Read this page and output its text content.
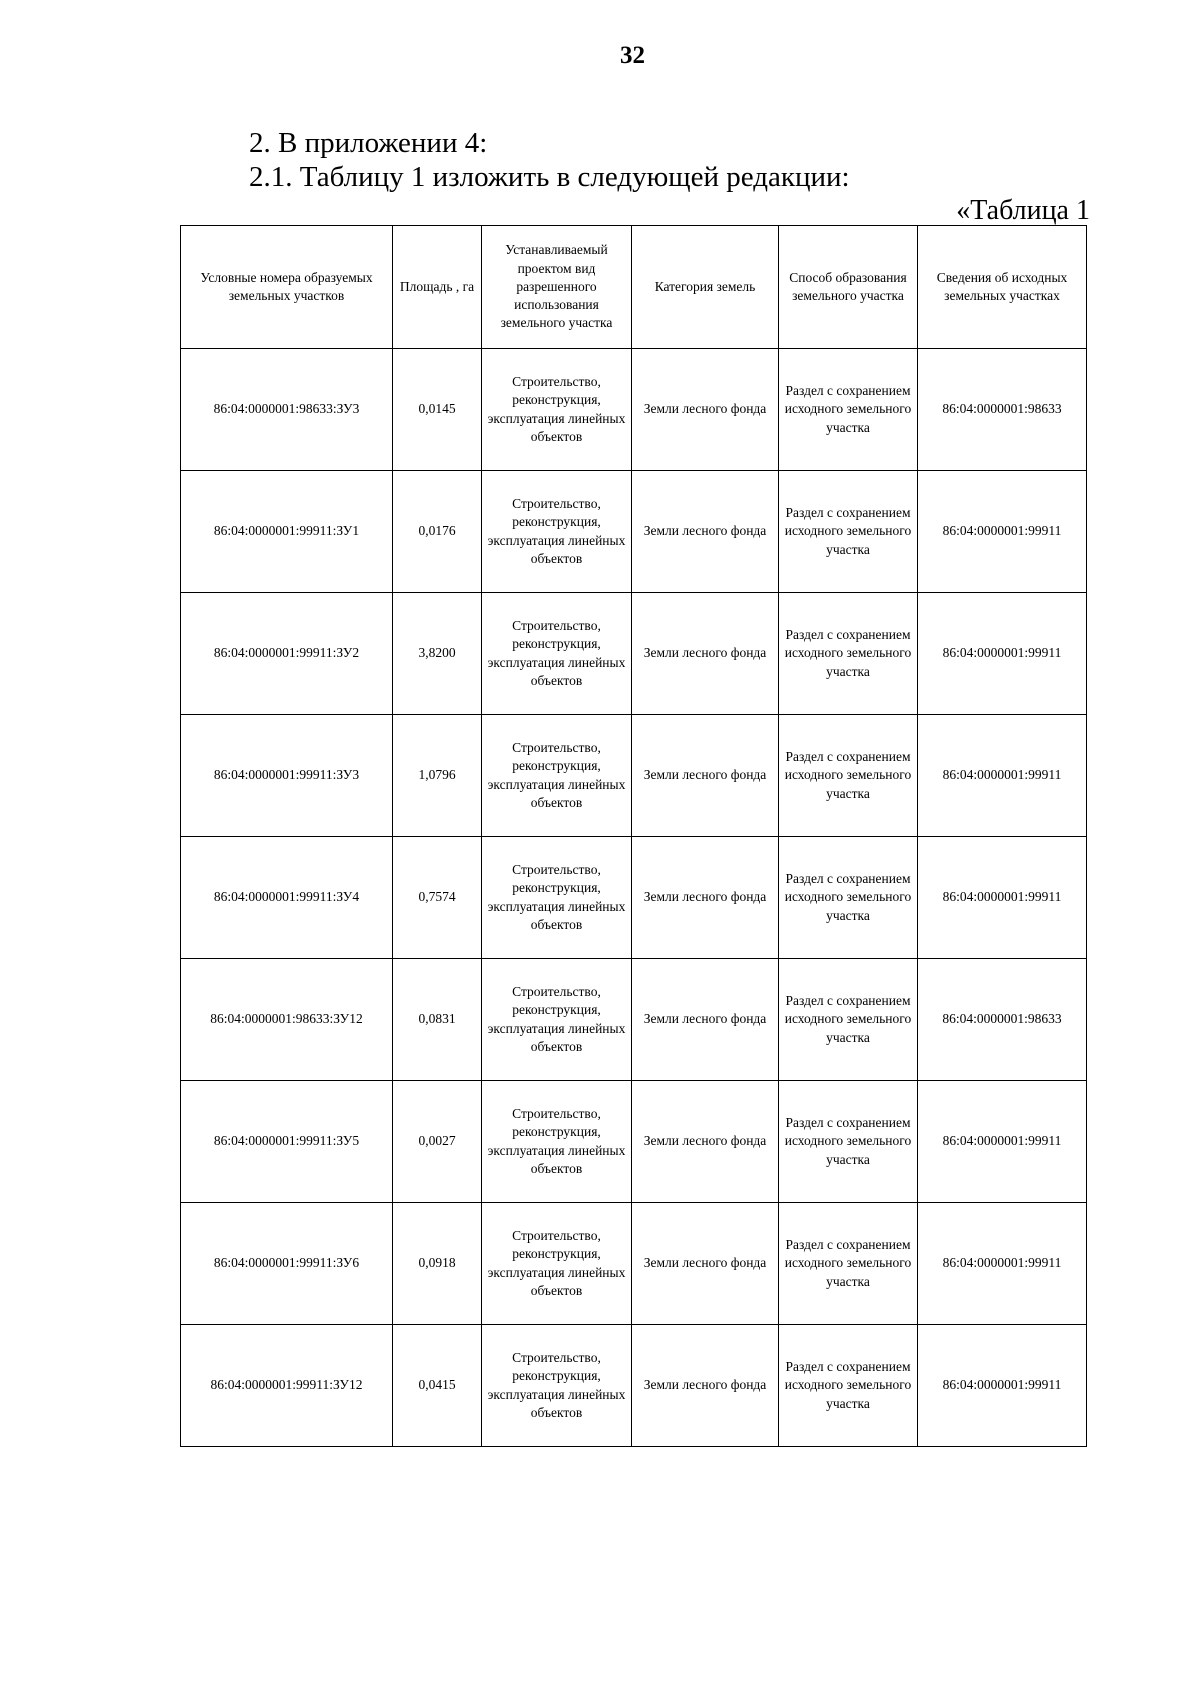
32
2. В приложении 4:
2.1. Таблицу 1 изложить в следующей редакции:
«Таблица 1
Условные номера образуемых земельных участков	Площадь , га	Устанавливаемый проектом вид разрешенного использования земельного участка	Категория земель	Способ образования земельного участка	Сведения об исходных земельных участках
86:04:0000001:98633:ЗУ3	0,0145	Строительство, реконструкция, эксплуатация линейных объектов	Земли лесного фонда	Раздел с сохранением исходного земельного участка	86:04:0000001:98633
86:04:0000001:99911:ЗУ1	0,0176	Строительство, реконструкция, эксплуатация линейных объектов	Земли лесного фонда	Раздел с сохранением исходного земельного участка	86:04:0000001:99911
86:04:0000001:99911:ЗУ2	3,8200	Строительство, реконструкция, эксплуатация линейных объектов	Земли лесного фонда	Раздел с сохранением исходного земельного участка	86:04:0000001:99911
86:04:0000001:99911:ЗУ3	1,0796	Строительство, реконструкция, эксплуатация линейных объектов	Земли лесного фонда	Раздел с сохранением исходного земельного участка	86:04:0000001:99911
86:04:0000001:99911:ЗУ4	0,7574	Строительство, реконструкция, эксплуатация линейных объектов	Земли лесного фонда	Раздел с сохранением исходного земельного участка	86:04:0000001:99911
86:04:0000001:98633:ЗУ12	0,0831	Строительство, реконструкция, эксплуатация линейных объектов	Земли лесного фонда	Раздел с сохранением исходного земельного участка	86:04:0000001:98633
86:04:0000001:99911:ЗУ5	0,0027	Строительство, реконструкция, эксплуатация линейных объектов	Земли лесного фонда	Раздел с сохранением исходного земельного участка	86:04:0000001:99911
86:04:0000001:99911:ЗУ6	0,0918	Строительство, реконструкция, эксплуатация линейных объектов	Земли лесного фонда	Раздел с сохранением исходного земельного участка	86:04:0000001:99911
86:04:0000001:99911:ЗУ12	0,0415	Строительство, реконструкция, эксплуатация линейных объектов	Земли лесного фонда	Раздел с сохранением исходного земельного участка	86:04:0000001:99911
